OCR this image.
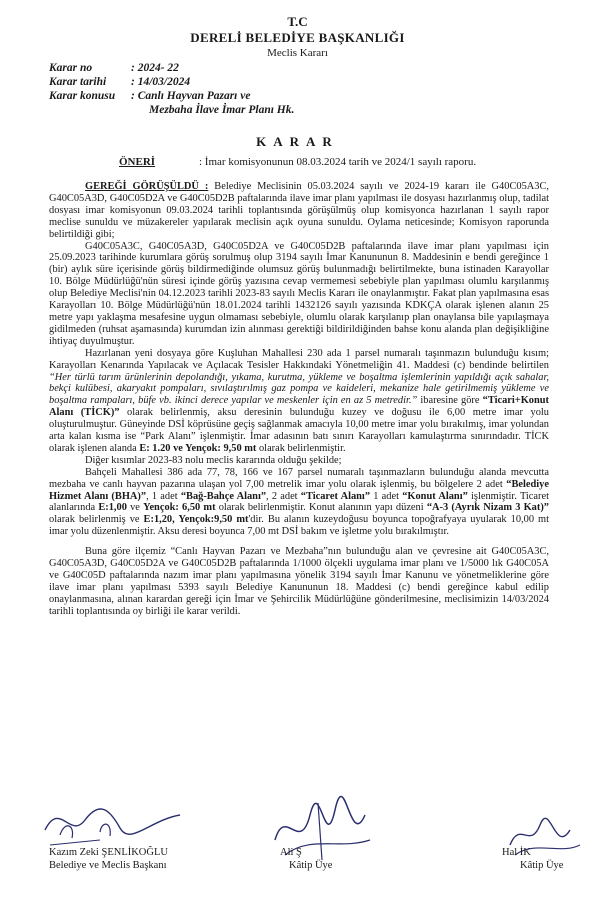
T.C
DERELİ BELEDİYE BAŞKANLIĞI
Meclis Kararı
Karar no	: 2024- 22
Karar tarihi : 14/03/2024
Karar konusu : Canlı Hayvan Pazarı ve
Mezbaha İlave İmar Planı Hk.
KARAR
ÖNERİ	: İmar komisyonunun 08.03.2024 tarih ve 2024/1 sayılı raporu.

GEREĞİ GÖRÜŞÜLDÜ : Belediye Meclisinin 05.03.2024 sayılı ve 2024-19 kararı ile G40C05A3C, G40C05A3D, G40C05D2A ve G40C05D2B paftalarında ilave imar planı yapılması ile dosyası hazırlanmış olup, tadilat dosyası imar komisyonun 09.03.2024 tarihli toplantısında görüşülmüş olup komisyonca hazırlanan 1 sayılı rapor meclise sunuldu ve müzakereler yapılarak meclisin açık oyuna sunuldu. Oylama neticesinde; Komisyon raporunda belirtildiği gibi;

G40C05A3C, G40C05A3D, G40C05D2A ve G40C05D2B paftalarında ilave imar planı yapılması için 25.09.2023 tarihinde kurumlara görüş sorulmuş olup 3194 sayılı İmar Kanununun 8. Maddesinin e bendi gereğince 1 (bir) aylık süre içerisinde görüş bildirmediğinde olumsuz görüş bulunmadığı belirtilmekte, buna istinaden Karayollar 10. Bölge Müdürlüğü'nün süresi içinde görüş yazısına cevap vermemesi sebebiyle plan yapılması olumlu karşılanmış olup Belediye Meclisi'nin 04.12.2023 tarihli 2023-83 sayılı Meclis Kararı ile onaylanmıştır. Fakat plan yapılmasına esas Karayolları 10. Bölge Müdürlüğü'nün 18.01.2024 tarihli 1432126 sayılı yazısında KDKÇA olarak işlenen alanın 25 metre yapı yaklaşma mesafesine uygun olmaması sebebiyle, olumlu olarak karşılanıp plan onaylansa bile yapılaşmaya gidilmeden (ruhsat aşamasında) kurumdan izin alınması gerektiği bildirildiğinden bahse konu alanda plan değişikliğine ihtiyaç duyulmuştur.

Hazırlanan yeni dosyaya göre Kuşluhan Mahallesi 230 ada 1 parsel numaralı taşınmazın bulunduğu kısım; Karayolları Kenarında Yapılacak ve Açılacak Tesisler Hakkındaki Yönetmeliğin 41. Maddesi (c) bendinde belirtilen “Her türlü tarım ürünlerinin depolandığı, yıkama, kurutma, yükleme ve boşaltma işlemlerinin yapıldığı açık sahalar, bekçi kulübesi, akaryakıt pompaları, sıvılaştırılmış gaz pompa ve kaideleri, mekanize hale getirilmemiş yükleme ve boşaltma rampaları, büfe vb. ikinci derece yapılar ve meskenler için en az 5 metredir.” ibaresine göre “Ticari+Konut Alanı (TİCK)” olarak belirlenmiş, aksu deresinin bulunduğu kuzey ve doğusu ile 6,00 metre imar yolu oluşturulmuştur. Güneyinde DSİ köprüsüne geçiş sağlanmak amacıyla 10,00 metre imar yolu bırakılmış, imar yolundan arta kalan kısma ise “Park Alanı” işlenmiştir. İmar adasının batı sınırı Karayolları kamulaştırma sınırındadır. TİCK olarak işlenen alanda E: 1.20 ve Yençok: 9,50 mt olarak belirlenmiştir.

Diğer kısımlar 2023-83 nolu meclis kararında olduğu şekilde;

Bahçeli Mahallesi 386 ada 77, 78, 166 ve 167 parsel numaralı taşınmazların bulunduğu alanda mevcutta mezbaha ve canlı hayvan pazarına ulaşan yol 7,00 metrelik imar yolu olarak işlenmiş, bu bölgelere 2 adet “Belediye Hizmet Alanı (BHA)”, 1 adet “Bağ-Bahçe Alanı”, 2 adet “Ticaret Alanı” 1 adet “Konut Alanı” işlenmiştir. Ticaret alanlarında E:1,00 ve Yençok: 6,50 mt olarak belirlenmiştir. Konut alanının yapı düzeni “A-3 (Ayrık Nizam 3 Kat)” olarak belirlenmiş ve E:1,20, Yençok:9,50 mt'dir. Bu alanın kuzeydoğusu boyunca topoğrafyaya uyularak 10,00 mt imar yolu düzenlenmiştir. Aksu deresi boyunca 7,00 mt DSİ bakım ve işletme yolu bırakılmıştır.

Buna göre ilçemiz “Canlı Hayvan Pazarı ve Mezbaha”nın bulunduğu alan ve çevresine ait G40C05A3C, G40C05A3D, G40C05D2A ve G40C05D2B paftalarında 1/1000 ölçekli uygulama imar planı ve 1/5000 lık G40C05A ve G40C05D paftalarında nazım imar planı yapılmasına yönelik 3194 sayılı İmar Kanunu ve yönetmeliklerine göre ilave imar planı yapılması 5393 sayılı Belediye Kanununun 18. Maddesi (c) bendi gereğince kabul edilip onaylanmasına, alınan karardan gereği için İmar ve Şehircilik Müdürlüğüne gönderilmesine, meclisimizin 14/03/2024 tarihli toplantısında oy birliği ile karar verildi.

Kazım Zeki ŞENLİKOĞLU
Belediye ve Meclis Başkanı
Ali Ş
Kâtip Üye
Hal İK
Kâtip Üye
